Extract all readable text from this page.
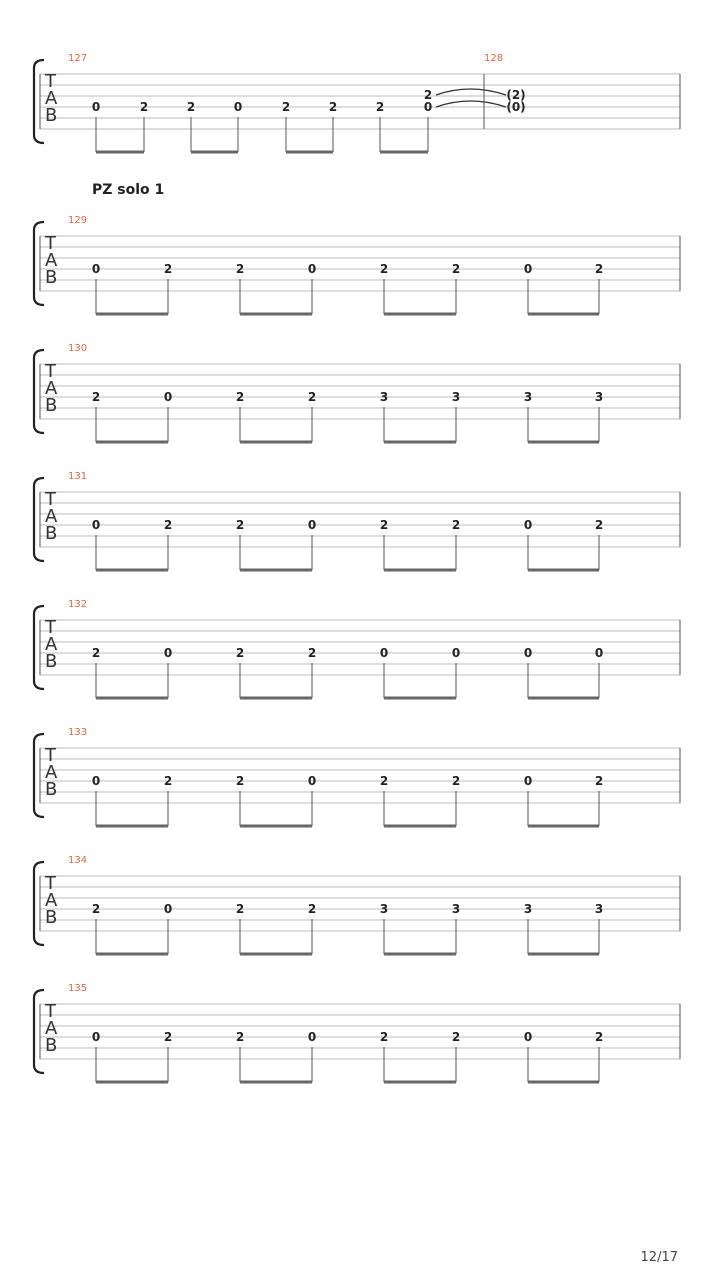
T
A
B
127	128
0	2	2	0	2	2	2	0
2
(0)
(2)
T
A
B
129
0	2	2	0	2	2	0	2
T
A
B
130
2	0	2	2	3	3	3	3
T
A
B
131
0	2	2	0	2	2	0	2
T
A
B
132
2	0	2	2	0	0	0	0
T
A
B
133
0	2	2	0	2	2	0	2
T
A
B
134
2	0	2	2	3	3	3	3
T
A
B
135
0	2	2	0	2	2	0	2
PZ solo 1
12/17
